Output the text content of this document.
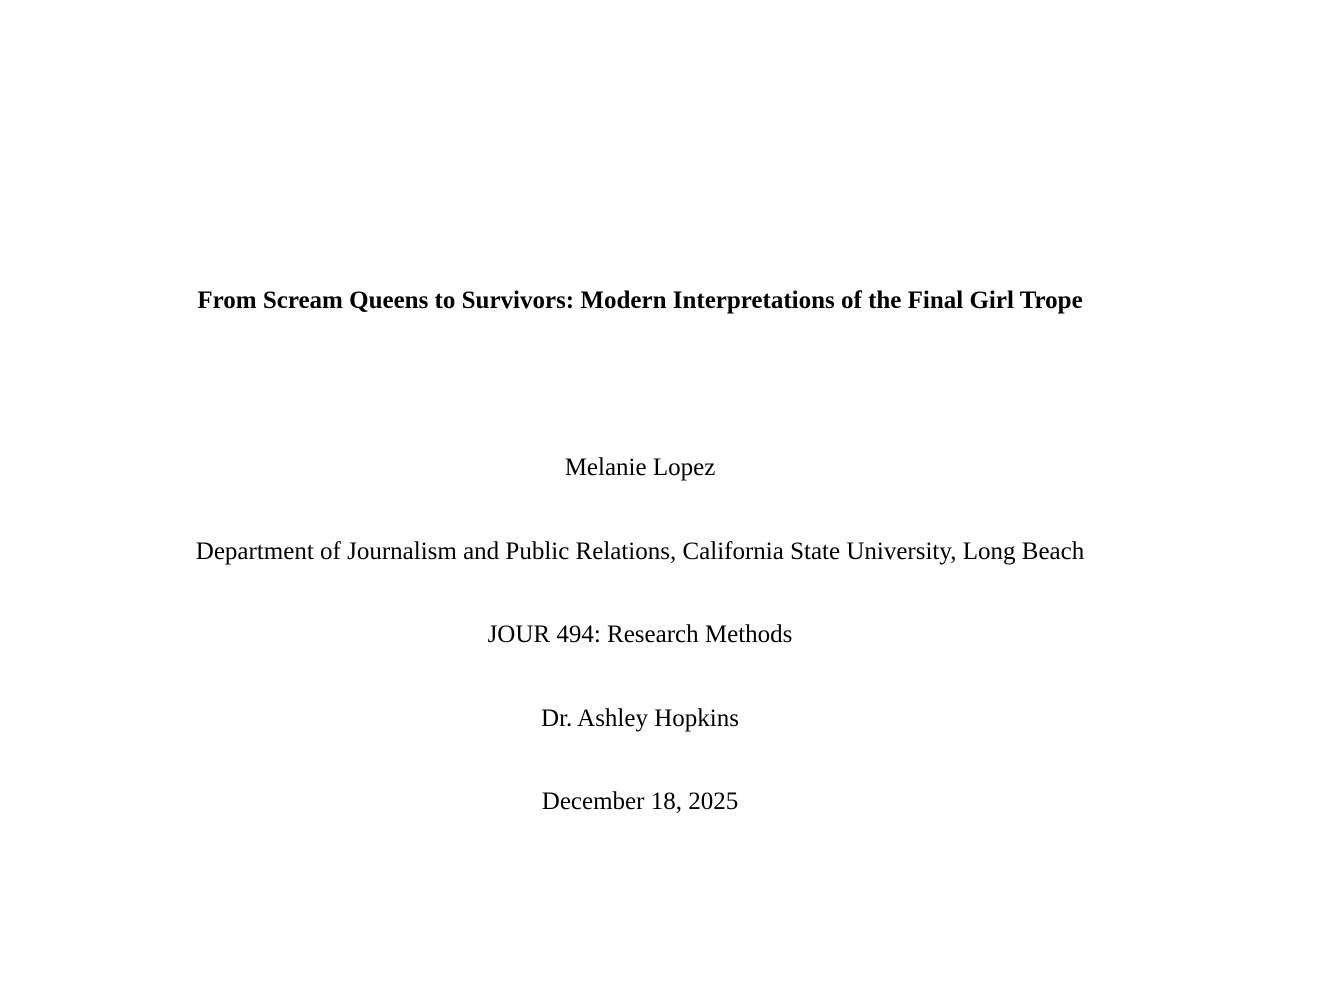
From Scream Queens to Survivors: Modern Interpretations of the Final Girl Trope
Melanie Lopez
Department of Journalism and Public Relations, California State University, Long Beach
JOUR 494: Research Methods
Dr. Ashley Hopkins
December 18, 2025
